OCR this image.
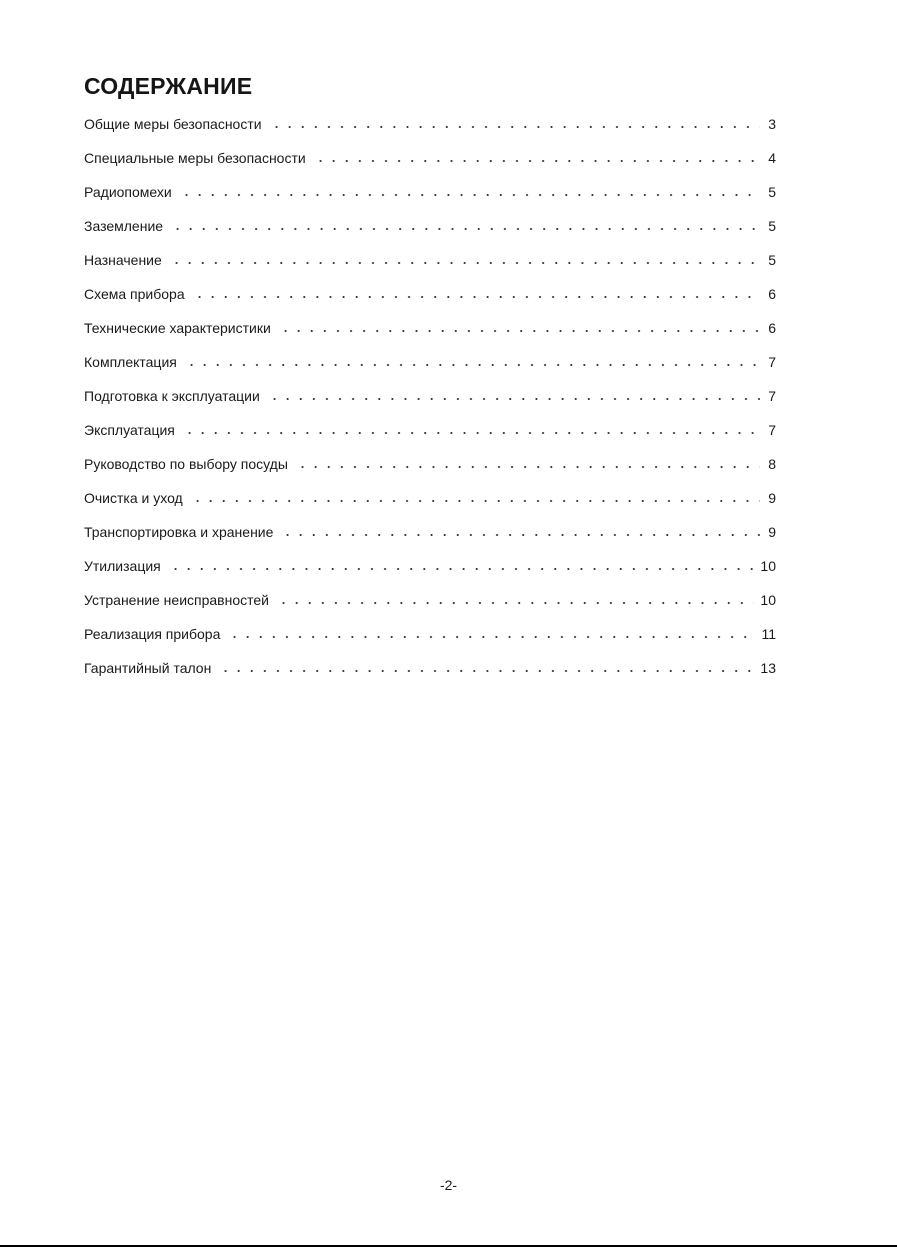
СОДЕРЖАНИЕ
Общие меры безопасности	3
Специальные меры безопасности	4
Радиопомехи	5
Заземление	5
Назначение	5
Схема прибора	6
Технические характеристики	6
Комплектация	7
Подготовка к эксплуатации	7
Эксплуатация	7
Руководство по выбору посуды	8
Очистка и уход	9
Транспортировка и хранение	9
Утилизация	10
Устранение неисправностей	10
Реализация прибора	11
Гарантийный талон	13
-2-
